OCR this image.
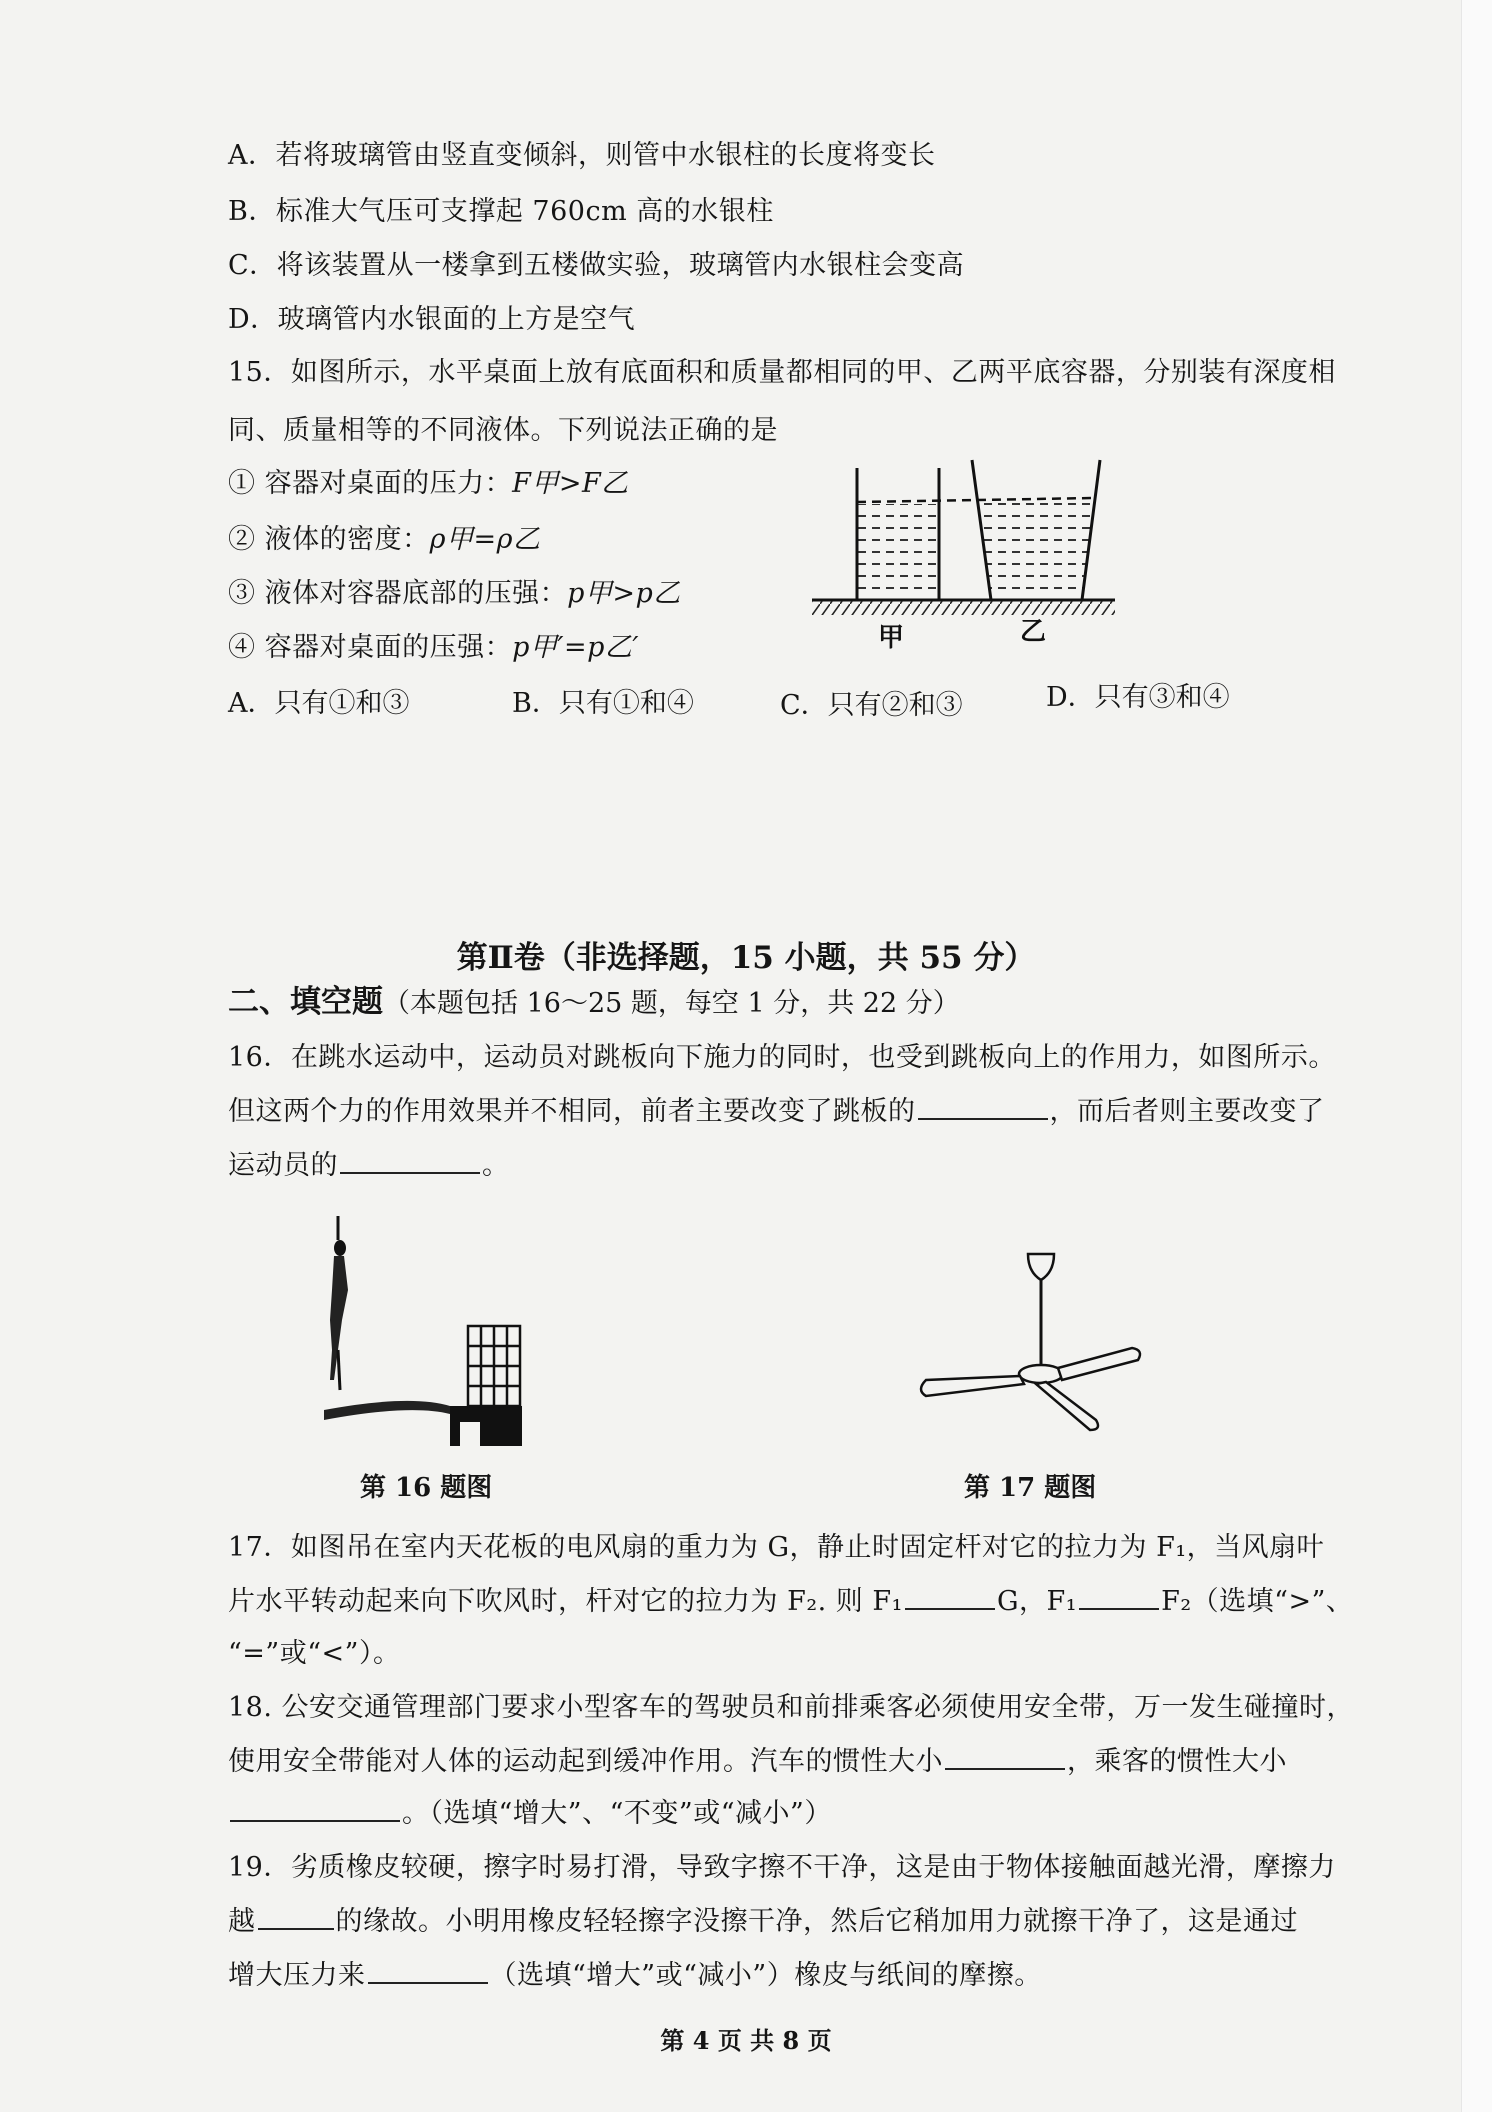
A．若将玻璃管由竖直变倾斜，则管中水银柱的长度将变长
B．标准大气压可支撑起 760cm 高的水银柱
C．将该装置从一楼拿到五楼做实验，玻璃管内水银柱会变高
D．玻璃管内水银面的上方是空气
15．如图所示，水平桌面上放有底面积和质量都相同的甲、乙两平底容器，分别装有深度相
同、质量相等的不同液体。下列说法正确的是
① 容器对桌面的压力：F甲>F乙
② 液体的密度：ρ甲=ρ乙
③ 液体对容器底部的压强：p甲>p乙
④ 容器对桌面的压强：p甲′=p乙′
A．只有①和③	B．只有①和④	C．只有②和③	D．只有③和④
甲	乙
第Ⅱ卷（非选择题，15 小题，共 55 分）
二、填空题（本题包括 16～25 题，每空 1 分，共 22 分）
16．在跳水运动中，运动员对跳板向下施力的同时，也受到跳板向上的作用力，如图所示。
但这两个力的作用效果并不相同，前者主要改变了跳板的	，而后者则主要改变了
运动员的	。
第 16 题图	第 17 题图
17．如图吊在室内天花板的电风扇的重力为 G，静止时固定杆对它的拉力为 F₁，当风扇叶
片水平转动起来向下吹风时，杆对它的拉力为 F₂. 则 F₁	G，F₁	F₂（选填“>”、
“=”或“<”）。
18. 公安交通管理部门要求小型客车的驾驶员和前排乘客必须使用安全带，万一发生碰撞时，
使用安全带能对人体的运动起到缓冲作用。汽车的惯性大小	，乘客的惯性大小
。（选填“增大”、“不变”或“减小”）
19．劣质橡皮较硬，擦字时易打滑，导致字擦不干净，这是由于物体接触面越光滑，摩擦力
越	的缘故。小明用橡皮轻轻擦字没擦干净，然后它稍加用力就擦干净了，这是通过
增大压力来	（选填“增大”或“减小”）橡皮与纸间的摩擦。
第 4 页 共 8 页
